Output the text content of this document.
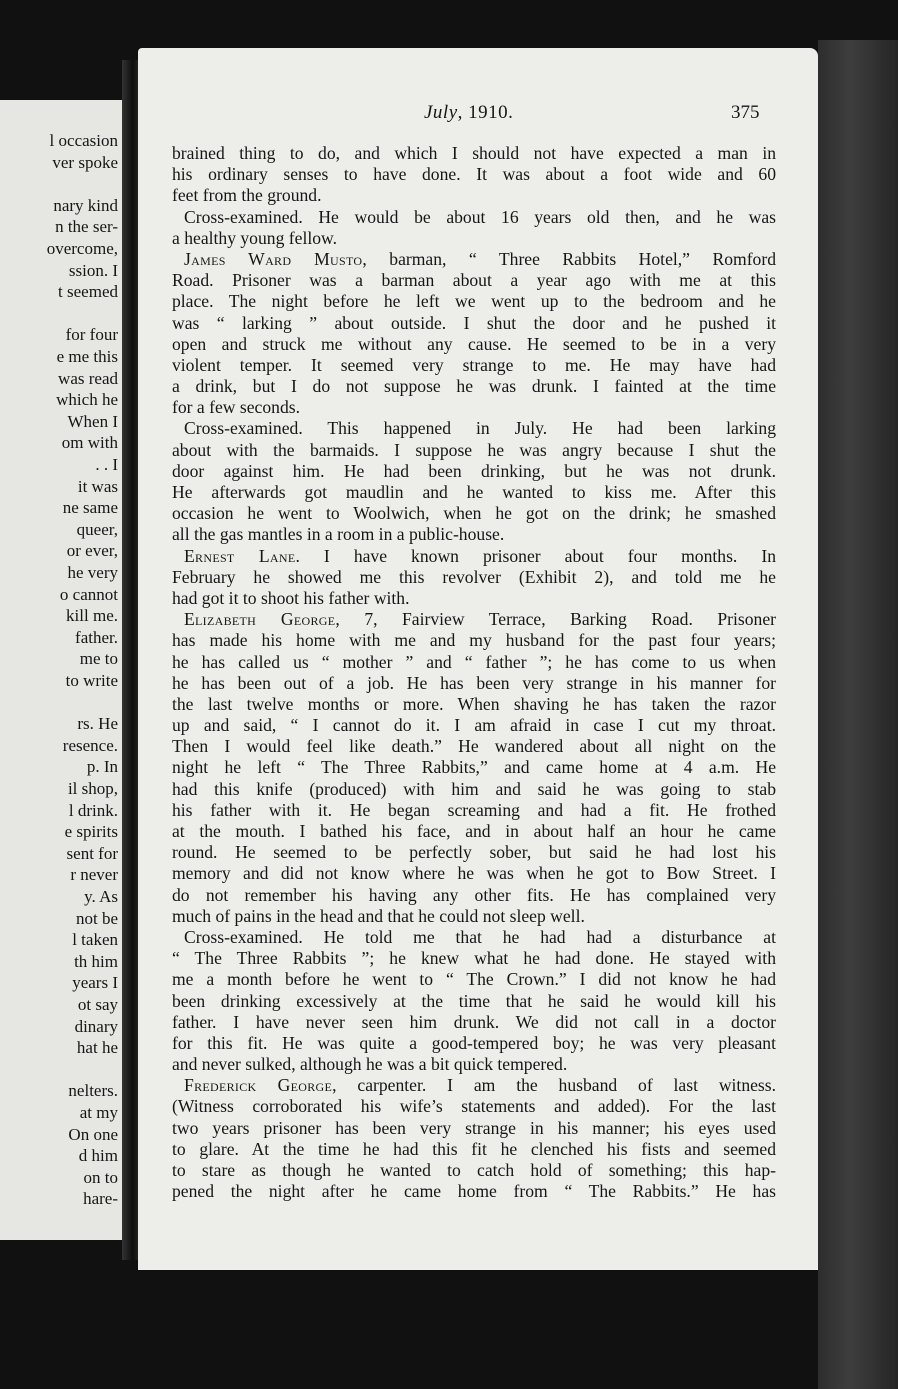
l occasion
ver spoke
nary kind
n the ser-
overcome,
ssion. I
t seemed
for four
e me this
was read
which he
When I
om with
. . I
it was
ne same
queer,
or ever,
he very
o cannot
kill me.
father.
me to
to write
rs. He
resence.
p. In
il shop,
l drink.
e spirits
sent for
r never
y. As
not be
l taken
th him
years I
ot say
dinary
hat he
nelters.
at my
On one
d him
on to
hare-
July, 1910.	375
brained thing to do, and which I should not have expected a man in
his ordinary senses to have done. It was about a foot wide and 60
feet from the ground.
Cross-examined. He would be about 16 years old then, and he was
a healthy young fellow.
James Ward Musto, barman, “ Three Rabbits Hotel,” Romford
Road. Prisoner was a barman about a year ago with me at this
place. The night before he left we went up to the bedroom and he
was “ larking ” about outside. I shut the door and he pushed it
open and struck me without any cause. He seemed to be in a very
violent temper. It seemed very strange to me. He may have had
a drink, but I do not suppose he was drunk. I fainted at the time
for a few seconds.
Cross-examined. This happened in July. He had been larking
about with the barmaids. I suppose he was angry because I shut the
door against him. He had been drinking, but he was not drunk.
He afterwards got maudlin and he wanted to kiss me. After this
occasion he went to Woolwich, when he got on the drink; he smashed
all the gas mantles in a room in a public-house.
Ernest Lane. I have known prisoner about four months. In
February he showed me this revolver (Exhibit 2), and told me he
had got it to shoot his father with.
Elizabeth George, 7, Fairview Terrace, Barking Road. Prisoner
has made his home with me and my husband for the past four years;
he has called us “ mother ” and “ father ”; he has come to us when
he has been out of a job. He has been very strange in his manner for
the last twelve months or more. When shaving he has taken the razor
up and said, “ I cannot do it. I am afraid in case I cut my throat.
Then I would feel like death.” He wandered about all night on the
night he left “ The Three Rabbits,” and came home at 4 a.m. He
had this knife (produced) with him and said he was going to stab
his father with it. He began screaming and had a fit. He frothed
at the mouth. I bathed his face, and in about half an hour he came
round. He seemed to be perfectly sober, but said he had lost his
memory and did not know where he was when he got to Bow Street. I
do not remember his having any other fits. He has complained very
much of pains in the head and that he could not sleep well.
Cross-examined. He told me that he had had a disturbance at
“ The Three Rabbits ”; he knew what he had done. He stayed with
me a month before he went to “ The Crown.” I did not know he had
been drinking excessively at the time that he said he would kill his
father. I have never seen him drunk. We did not call in a doctor
for this fit. He was quite a good-tempered boy; he was very pleasant
and never sulked, although he was a bit quick tempered.
Frederick George, carpenter. I am the husband of last witness.
(Witness corroborated his wife’s statements and added). For the last
two years prisoner has been very strange in his manner; his eyes used
to glare. At the time he had this fit he clenched his fists and seemed
to stare as though he wanted to catch hold of something; this hap-
pened the night after he came home from “ The Rabbits.” He has
